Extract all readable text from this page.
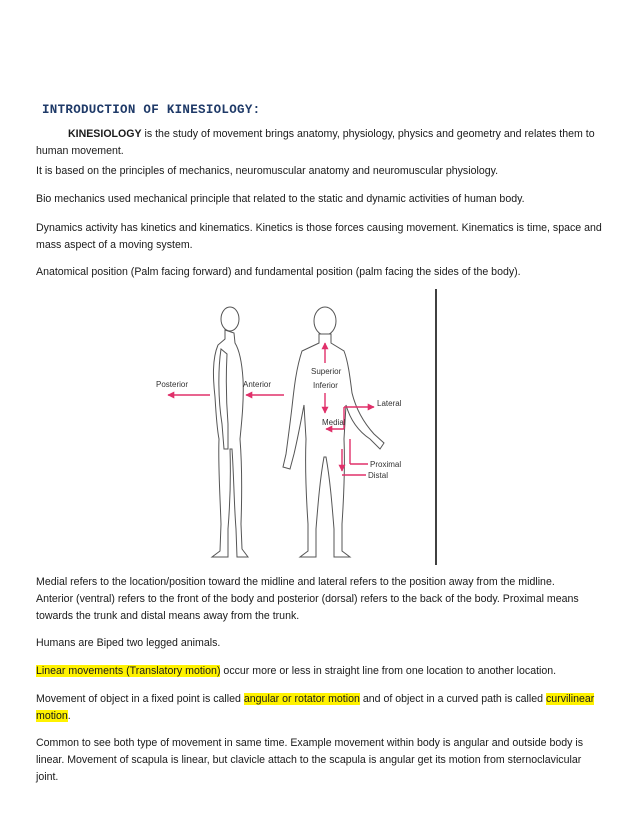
INTRODUCTION OF KINESIOLOGY:

KINESIOLOGY is the study of movement brings anatomy, physiology, physics and geometry and relates them to
human movement.

It is based on the principles of mechanics, neuromuscular anatomy and neuromuscular physiology.

Bio mechanics used mechanical principle that related to the static and dynamic activities of human body.

Dynamics activity has kinetics and kinematics. Kinetics is those forces causing movement. Kinematics is time, space and
mass aspect of a moving system.

Anatomical position (Palm facing forward) and fundamental position (palm facing the sides of the body).

Medial refers to the location/position toward the midline and lateral refers to the position away from the midline.
Anterior (ventral) refers to the front of the body and posterior (dorsal) refers to the back of the body. Proximal means
towards the trunk and distal means away from the trunk.

Humans are Biped two legged animals.

Linear movements (Translatory motion) occur more or less in straight line from one location to another location.

Movement of object in a fixed point is called angular or rotator motion and of object in a curved path is called curvilinear
motion.

Common to see both type of movement in same time. Example movement within body is angular and outside body is
linear. Movement of scapula is linear, but clavicle attach to the scapula is angular get its motion from sternoclavicular
joint.

Posterior	Anterior
Superior
Inferior
Lateral
Medial
Proximal
Distal
